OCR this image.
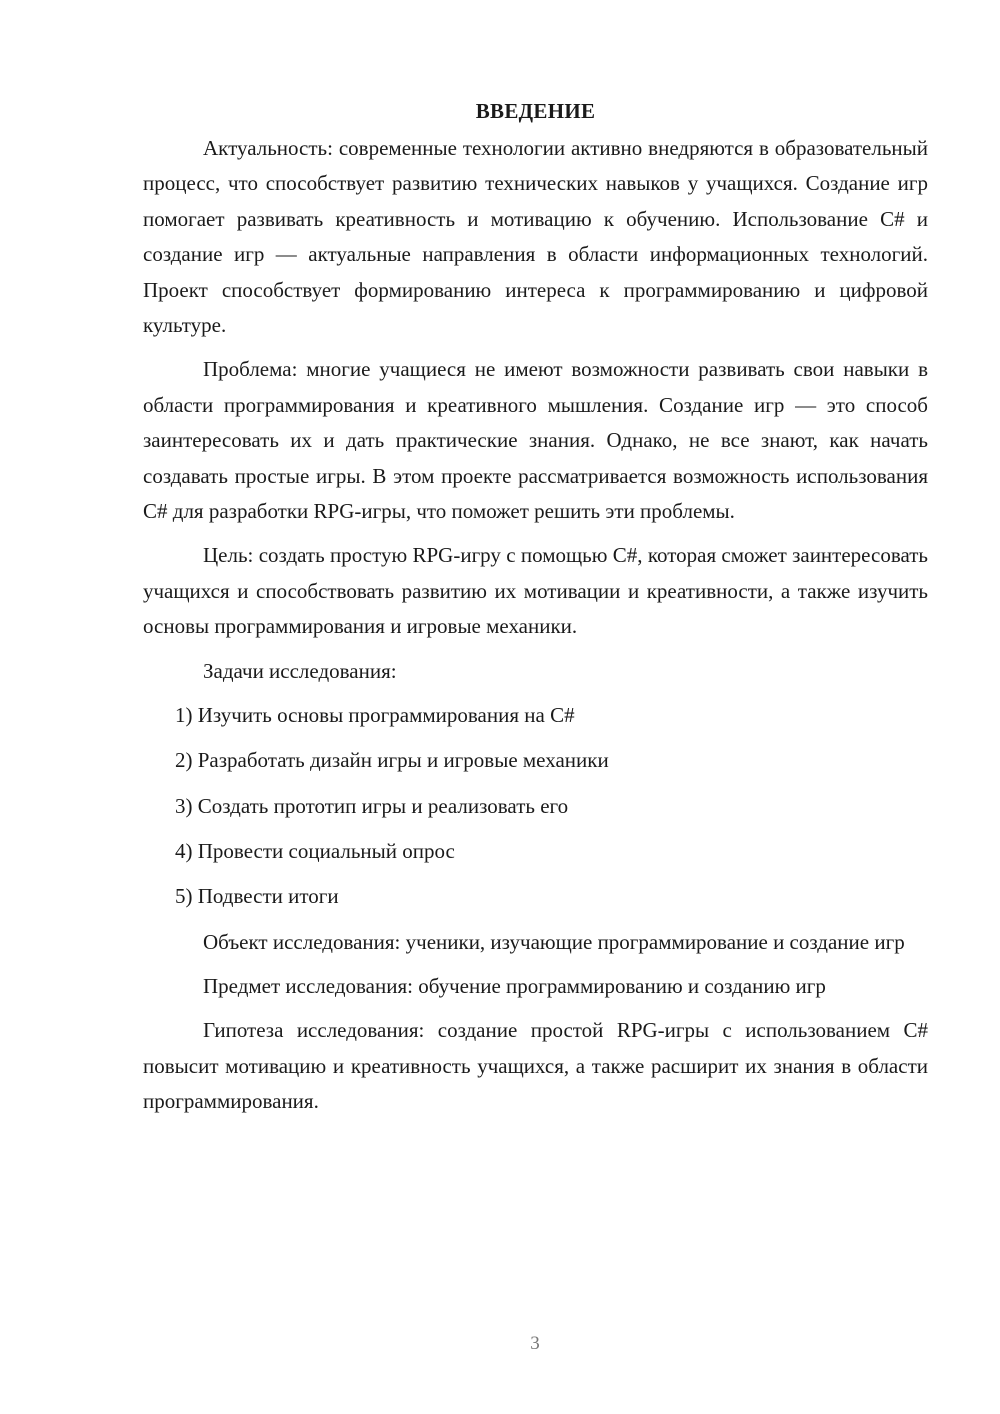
ВВЕДЕНИЕ

Актуальность: современные технологии активно внедряются в образовательный процесс, что способствует развитию технических навыков у учащихся. Создание игр помогает развивать креативность и мотивацию к обучению. Использование C# и создание игр — актуальные направления в области информационных технологий. Проект способствует формированию интереса к программированию и цифровой культуре.

Проблема: многие учащиеся не имеют возможности развивать свои навыки в области программирования и креативного мышления. Создание игр — это способ заинтересовать их и дать практические знания. Однако, не все знают, как начать создавать простые игры. В этом проекте рассматривается возможность использования C# для разработки RPG-игры, что поможет решить эти проблемы.

Цель: создать простую RPG-игру с помощью C#, которая сможет заинтересовать учащихся и способствовать развитию их мотивации и креативности, а также изучить основы программирования и игровые механики.

Задачи исследования:

1) Изучить основы программирования на C#
2) Разработать дизайн игры и игровые механики
3) Создать прототип игры и реализовать его
4) Провести социальный опрос
5) Подвести итоги

Объект исследования: ученики, изучающие программирование и создание игр

Предмет исследования: обучение программированию и созданию игр

Гипотеза исследования: создание простой RPG-игры с использованием C# повысит мотивацию и креативность учащихся, а также расширит их знания в области программирования.

3
